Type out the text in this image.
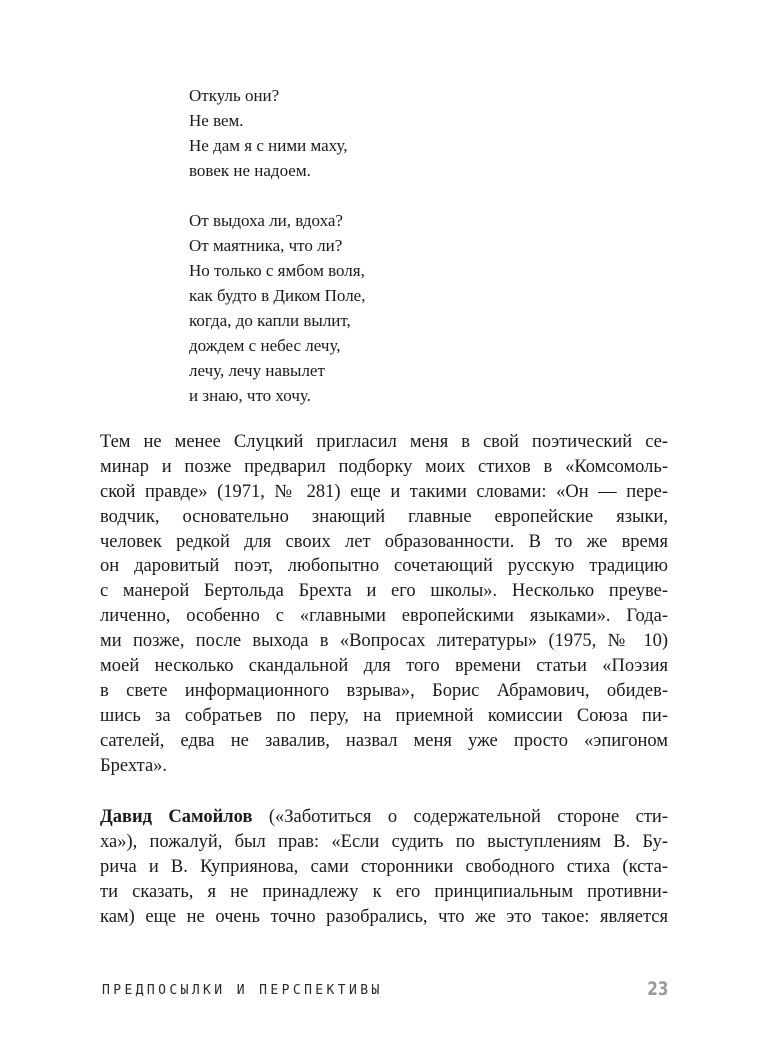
Откуль они?
Не вем.
Не дам я с ними маху,
вовек не надоем.
От выдоха ли, вдоха?
От маятника, что ли?
Но только с ямбом воля,
как будто в Диком Поле,
когда, до капли вылит,
дождем с небес лечу,
лечу, лечу навылет
и знаю, что хочу.
Тем не менее Слуцкий пригласил меня в свой поэтический се-
минар и позже предварил подборку моих стихов в «Комсомоль-
ской правде» (1971, № 281) еще и такими словами: «Он — пере-
водчик, основательно знающий главные европейские языки,
человек редкой для своих лет образованности. В то же время
он даровитый поэт, любопытно сочетающий русскую традицию
с манерой Бертольда Брехта и его школы». Несколько преуве-
личенно, особенно с «главными европейскими языками». Года-
ми позже, после выхода в «Вопросах литературы» (1975, № 10)
моей несколько скандальной для того времени статьи «Поэзия
в свете информационного взрыва», Борис Абрамович, обидев-
шись за собратьев по перу, на приемной комиссии Союза пи-
сателей, едва не завалив, назвал меня уже просто «эпигоном
Брехта».
Давид Самойлов («Заботиться о содержательной стороне сти-
ха»), пожалуй, был прав: «Если судить по выступлениям В. Бу-
рича и В. Куприянова, сами сторонники свободного стиха (кста-
ти сказать, я не принадлежу к его принципиальным противни-
кам) еще не очень точно разобрались, что же это такое: является
ПРЕДПОСЫЛКИ И ПЕРСПЕКТИВЫ	23
